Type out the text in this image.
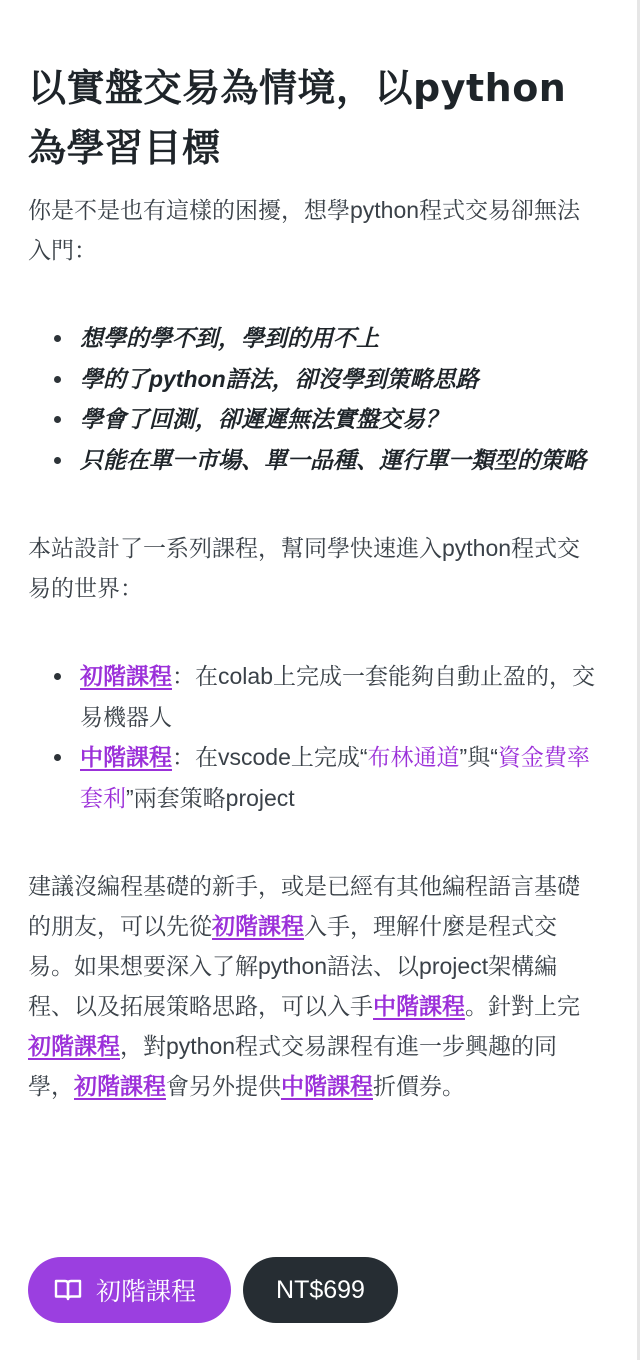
以實盤交易為情境，以python為學習目標

你是不是也有這樣的困擾，想學python程式交易卻無法入門：

想學的學不到，學到的用不上
學的了python語法，卻沒學到策略思路
學會了回測，卻遲遲無法實盤交易？
只能在單一市場、單一品種、運行單一類型的策略

本站設計了一系列課程，幫同學快速進入python程式交易的世界：

初階課程：在colab上完成一套能夠自動止盈的，交易機器人
中階課程：在vscode上完成“布林通道”與“資金費率套利”兩套策略project

建議沒編程基礎的新手，或是已經有其他編程語言基礎的朋友，可以先從初階課程入手，理解什麼是程式交易。如果想要深入了解python語法、以project架構編程、以及拓展策略思路，可以入手中階課程。針對上完初階課程，對python程式交易課程有進一步興趣的同學，初階課程會另外提供中階課程折價券。

初階課程	NT$699
